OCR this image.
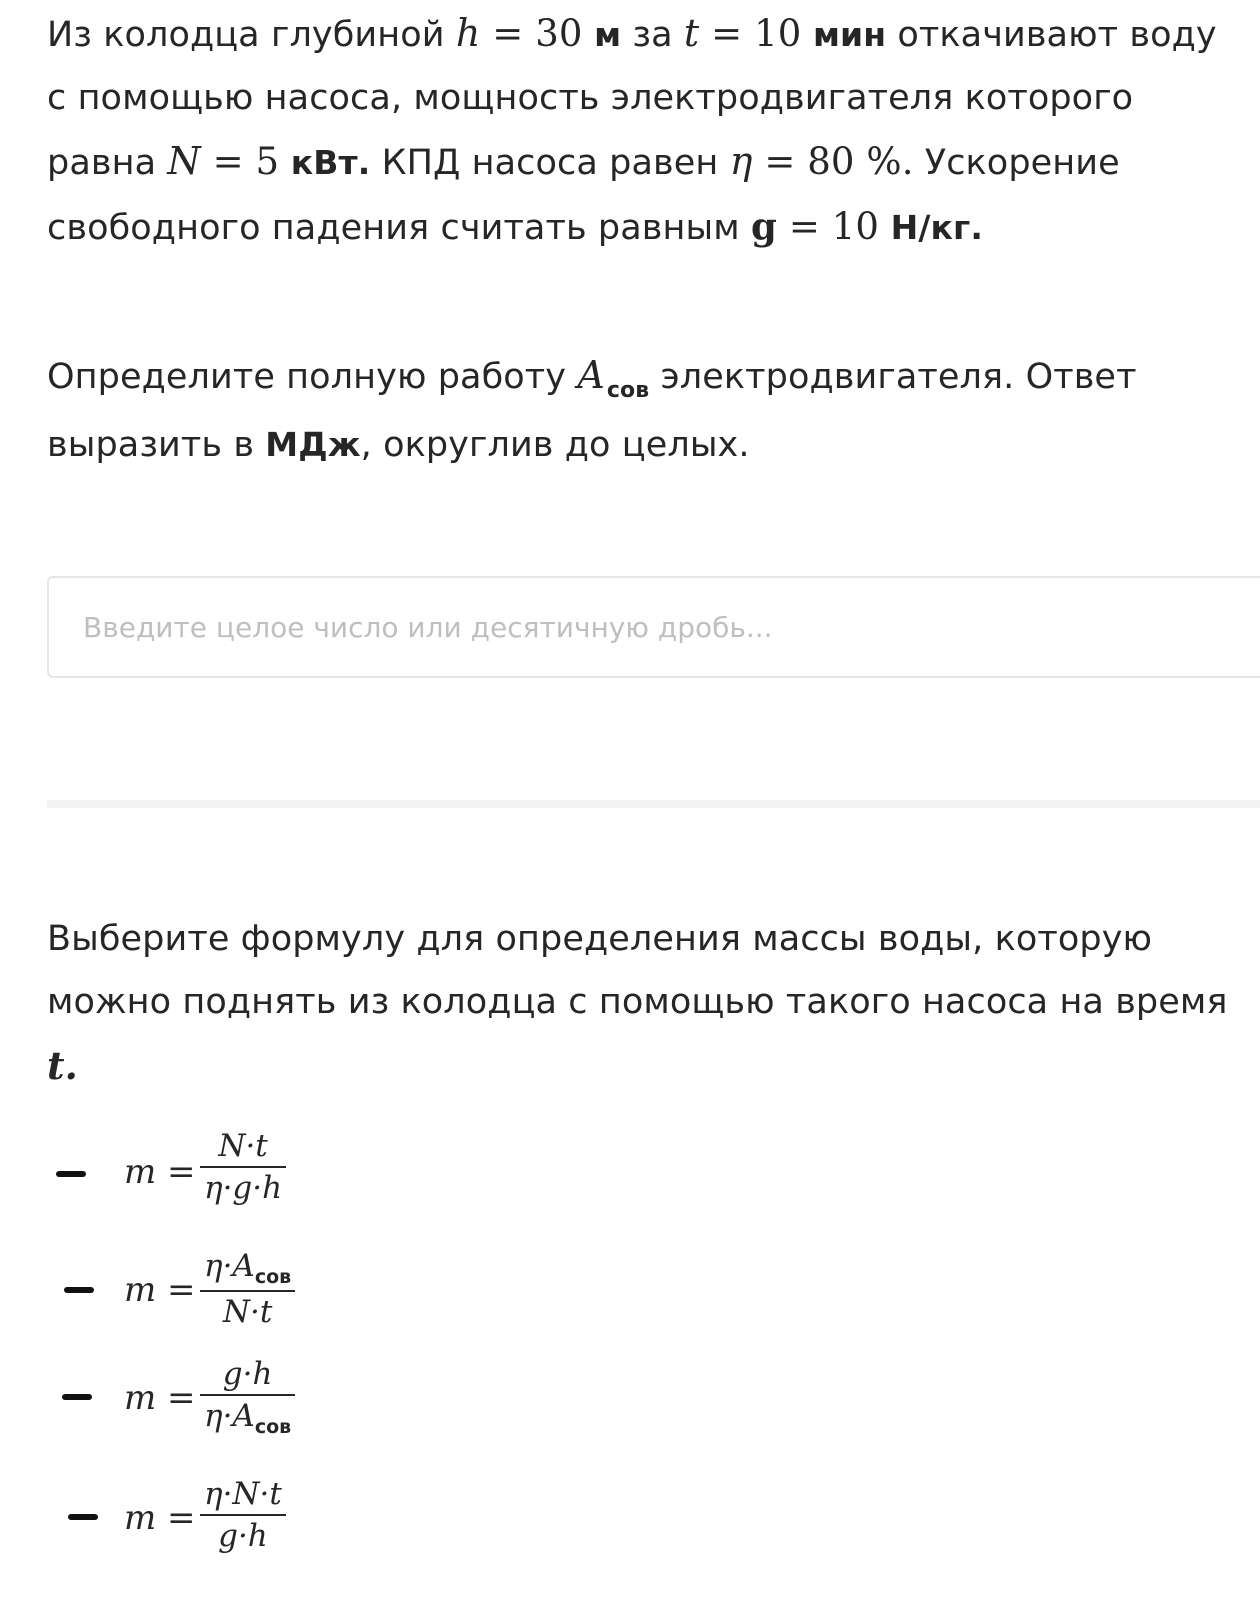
Из колодца глубиной h = 30 м за t = 10 мин откачивают воду с помощью насоса, мощность электродвигателя которого равна N = 5 кВт. КПД насоса равен η = 80 %. Ускорение свободного падения считать равным g = 10 Н/кг.
Определите полную работу $A_{сов}$ электродвигателя. Ответ выразить в МДж, округлив до целых.
Введите целое число или десятичную дробь...
Выберите формулу для определения массы воды, которую можно поднять из колодца с помощью такого насоса на время t.
m =
N·t
η·g·h
m =
$\eta\cdot A_{сов}$
N·t
m =
g·h
$\eta\cdot A_{сов}$
m =
η·N·t
g·h
